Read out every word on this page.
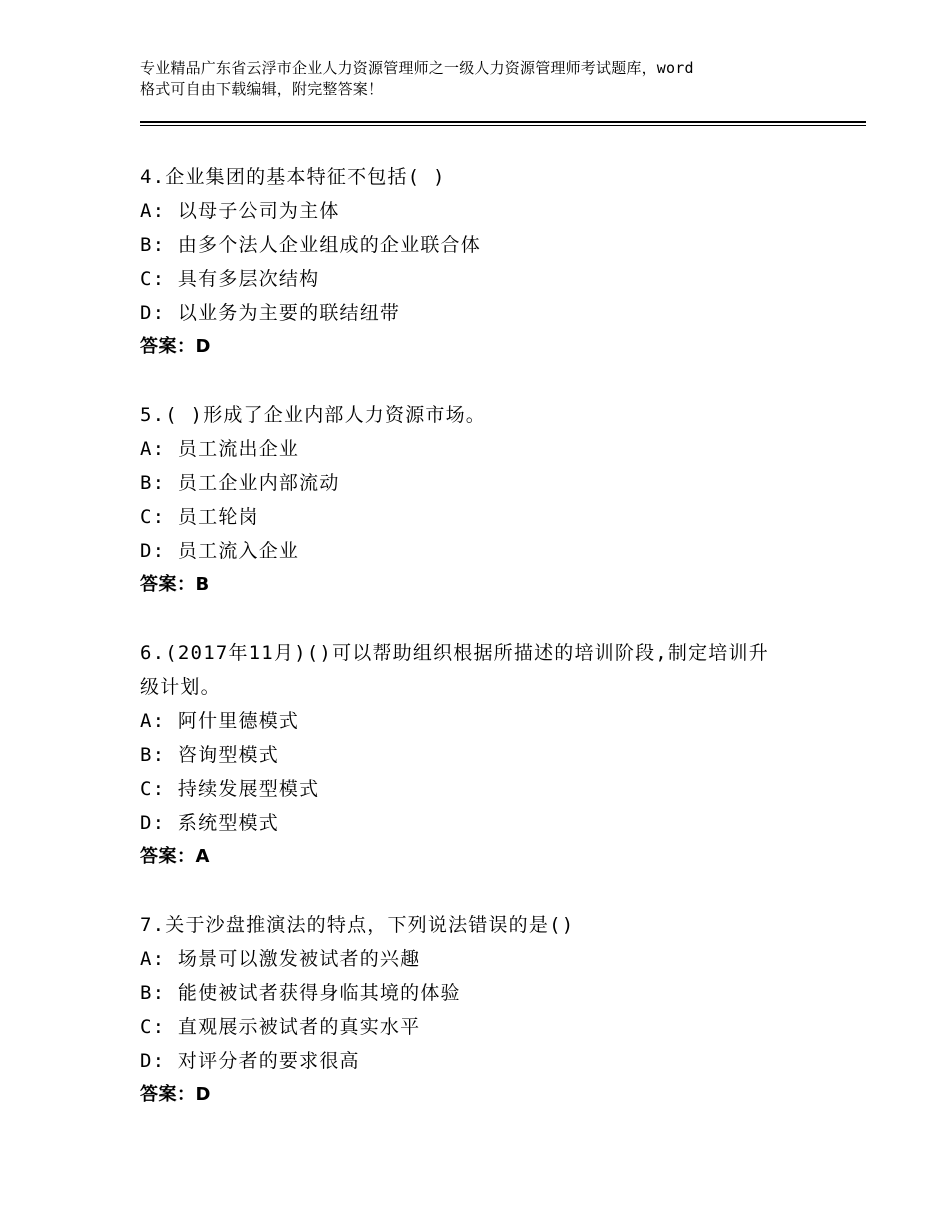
专业精品广东省云浮市企业人力资源管理师之一级人力资源管理师考试题库，word
格式可自由下载编辑，附完整答案！
4.企业集团的基本特征不包括( )
A: 以母子公司为主体
B: 由多个法人企业组成的企业联合体
C: 具有多层次结构
D: 以业务为主要的联结纽带
答案：D
5.( )形成了企业内部人力资源市场。
A: 员工流出企业
B: 员工企业内部流动
C: 员工轮岗
D: 员工流入企业
答案：B
6.(2017年11月)()可以帮助组织根据所描述的培训阶段,制定培训升
级计划。
A: 阿什里德模式
B: 咨询型模式
C: 持续发展型模式
D: 系统型模式
答案：A
7.关于沙盘推演法的特点，下列说法错误的是()
A: 场景可以激发被试者的兴趣
B: 能使被试者获得身临其境的体验
C: 直观展示被试者的真实水平
D: 对评分者的要求很高
答案：D
